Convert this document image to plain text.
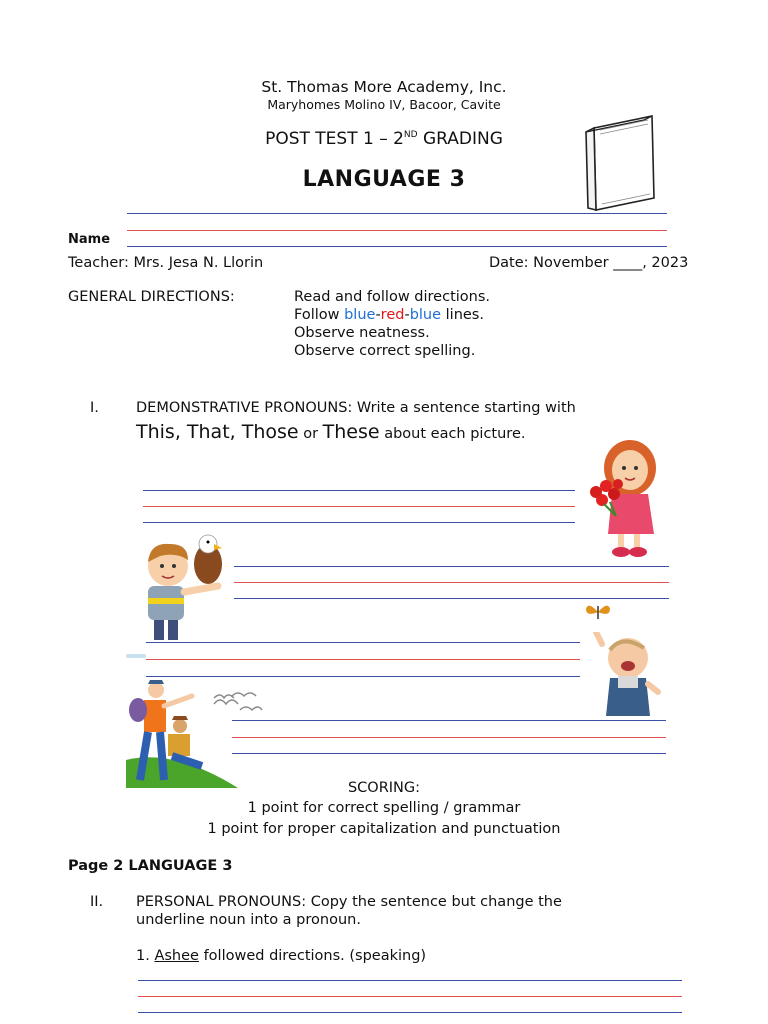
St. Thomas More Academy, Inc.
Maryhomes Molino IV, Bacoor, Cavite
POST TEST 1 – 2ND GRADING
LANGUAGE 3
Name
Teacher: Mrs. Jesa N. Llorin	Date: November ____, 2023
GENERAL DIRECTIONS:	Read and follow directions.
Follow blue-red-blue lines.
Observe neatness.
Observe correct spelling.
I.	DEMONSTRATIVE PRONOUNS: Write a sentence starting with
This, That, Those or These about each picture.
SCORING:
1 point for correct spelling / grammar
1 point for proper capitalization and punctuation
Page 2 LANGUAGE 3
II. PERSONAL PRONOUNS: Copy the sentence but change the
underline noun into a pronoun.
1. Ashee followed directions. (speaking)
